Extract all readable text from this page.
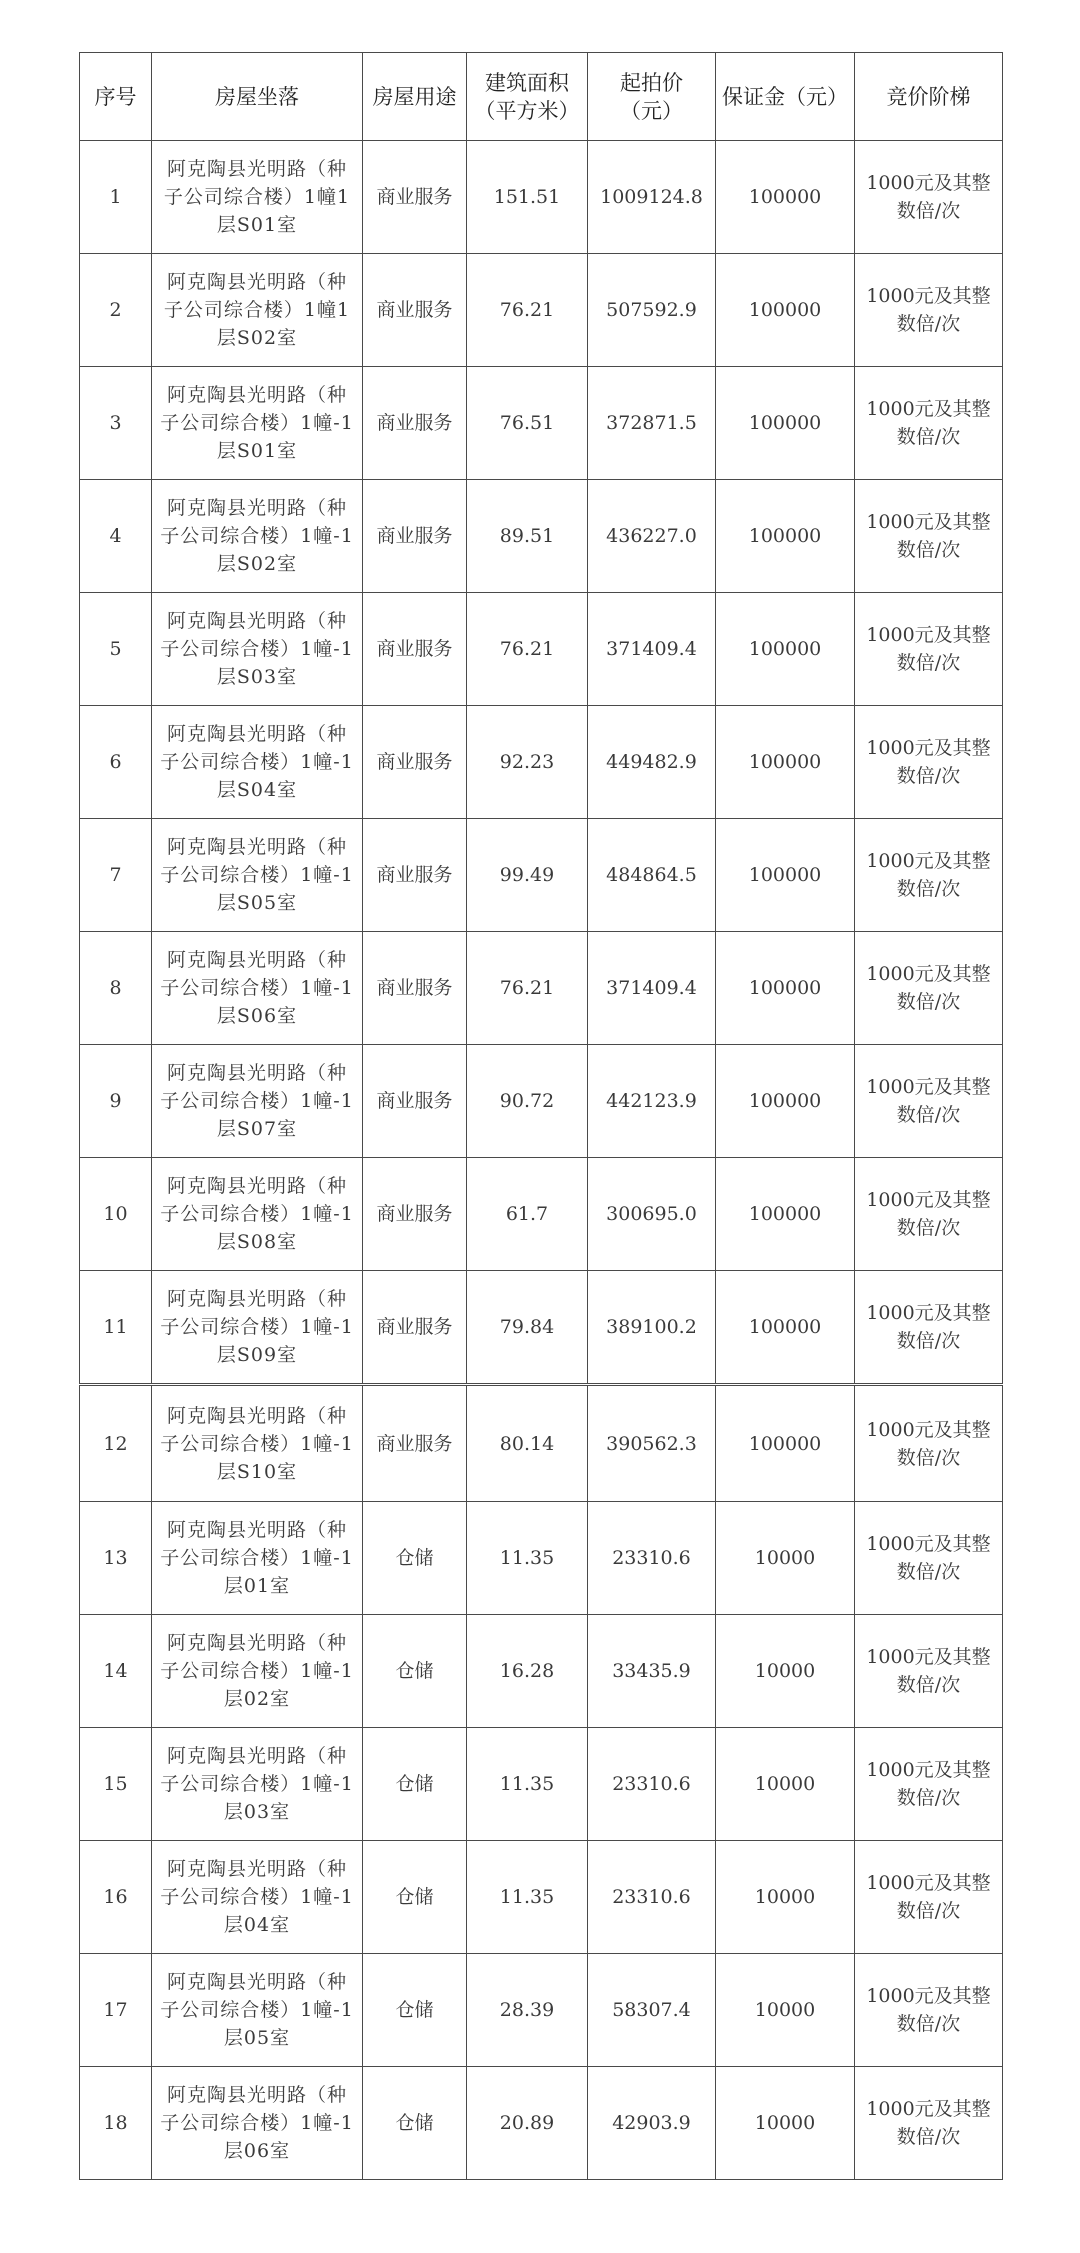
序号	房屋坐落	房屋用途	建筑面积（平方米）	起拍价（元）	保证金（元）	竞价阶梯
1	阿克陶县光明路（种子公司综合楼）1幢1层S01室	商业服务	151.51	1009124.8	100000	1000元及其整数倍/次
2	阿克陶县光明路（种子公司综合楼）1幢1层S02室	商业服务	76.21	507592.9	100000	1000元及其整数倍/次
3	阿克陶县光明路（种子公司综合楼）1幢-1层S01室	商业服务	76.51	372871.5	100000	1000元及其整数倍/次
4	阿克陶县光明路（种子公司综合楼）1幢-1层S02室	商业服务	89.51	436227.0	100000	1000元及其整数倍/次
5	阿克陶县光明路（种子公司综合楼）1幢-1层S03室	商业服务	76.21	371409.4	100000	1000元及其整数倍/次
6	阿克陶县光明路（种子公司综合楼）1幢-1层S04室	商业服务	92.23	449482.9	100000	1000元及其整数倍/次
7	阿克陶县光明路（种子公司综合楼）1幢-1层S05室	商业服务	99.49	484864.5	100000	1000元及其整数倍/次
8	阿克陶县光明路（种子公司综合楼）1幢-1层S06室	商业服务	76.21	371409.4	100000	1000元及其整数倍/次
9	阿克陶县光明路（种子公司综合楼）1幢-1层S07室	商业服务	90.72	442123.9	100000	1000元及其整数倍/次
10	阿克陶县光明路（种子公司综合楼）1幢-1层S08室	商业服务	61.7	300695.0	100000	1000元及其整数倍/次
11	阿克陶县光明路（种子公司综合楼）1幢-1层S09室	商业服务	79.84	389100.2	100000	1000元及其整数倍/次
12	阿克陶县光明路（种子公司综合楼）1幢-1层S10室	商业服务	80.14	390562.3	100000	1000元及其整数倍/次
13	阿克陶县光明路（种子公司综合楼）1幢-1层01室	仓储	11.35	23310.6	10000	1000元及其整数倍/次
14	阿克陶县光明路（种子公司综合楼）1幢-1层02室	仓储	16.28	33435.9	10000	1000元及其整数倍/次
15	阿克陶县光明路（种子公司综合楼）1幢-1层03室	仓储	11.35	23310.6	10000	1000元及其整数倍/次
16	阿克陶县光明路（种子公司综合楼）1幢-1层04室	仓储	11.35	23310.6	10000	1000元及其整数倍/次
17	阿克陶县光明路（种子公司综合楼）1幢-1层05室	仓储	28.39	58307.4	10000	1000元及其整数倍/次
18	阿克陶县光明路（种子公司综合楼）1幢-1层06室	仓储	20.89	42903.9	10000	1000元及其整数倍/次
